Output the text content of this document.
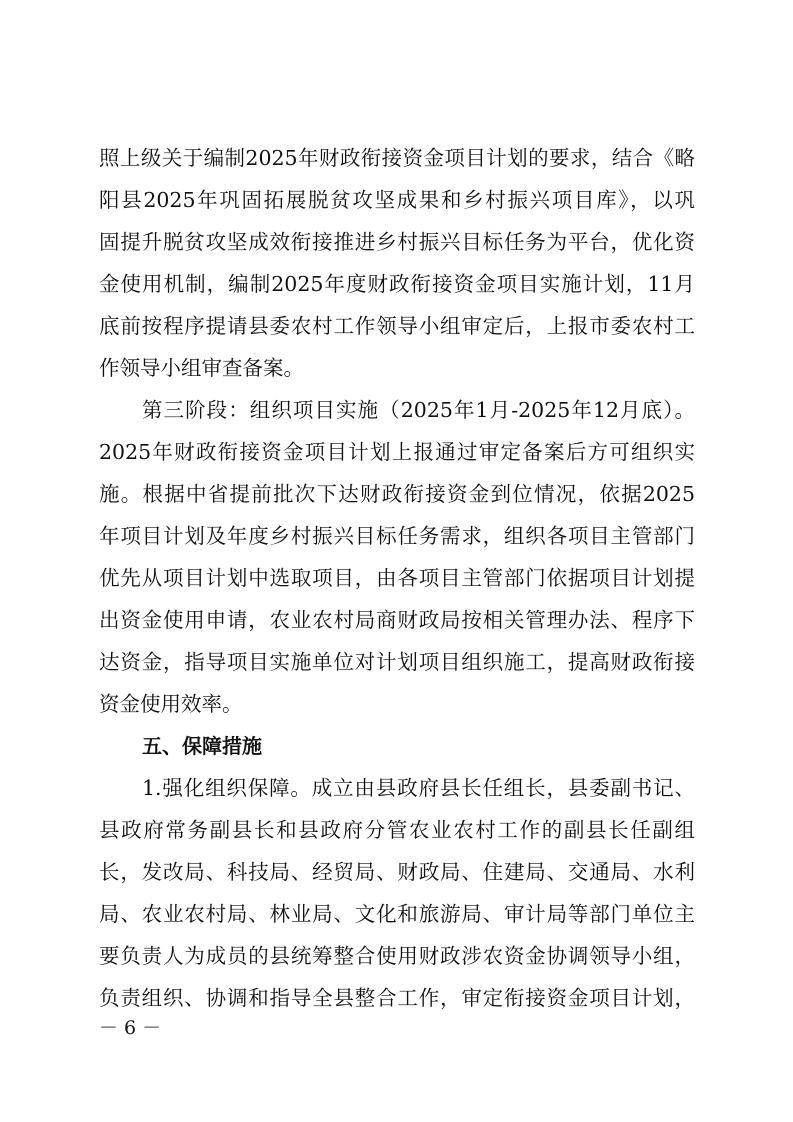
照上级关于编制2025年财政衔接资金项目计划的要求，结合《略
阳县2025年巩固拓展脱贫攻坚成果和乡村振兴项目库》，以巩
固提升脱贫攻坚成效衔接推进乡村振兴目标任务为平台，优化资
金使用机制，编制2025年度财政衔接资金项目实施计划，11月
底前按程序提请县委农村工作领导小组审定后，上报市委农村工
作领导小组审查备案。
第三阶段：组织项目实施（2025年1月-2025年12月底）。
2025年财政衔接资金项目计划上报通过审定备案后方可组织实
施。根据中省提前批次下达财政衔接资金到位情况，依据2025
年项目计划及年度乡村振兴目标任务需求，组织各项目主管部门
优先从项目计划中选取项目，由各项目主管部门依据项目计划提
出资金使用申请，农业农村局商财政局按相关管理办法、程序下
达资金，指导项目实施单位对计划项目组织施工，提高财政衔接
资金使用效率。
五、保障措施
1.强化组织保障。成立由县政府县长任组长，县委副书记、
县政府常务副县长和县政府分管农业农村工作的副县长任副组
长，发改局、科技局、经贸局、财政局、住建局、交通局、水利
局、农业农村局、林业局、文化和旅游局、审计局等部门单位主
要负责人为成员的县统筹整合使用财政涉农资金协调领导小组，
负责组织、协调和指导全县整合工作，审定衔接资金项目计划，
－ 6 －
